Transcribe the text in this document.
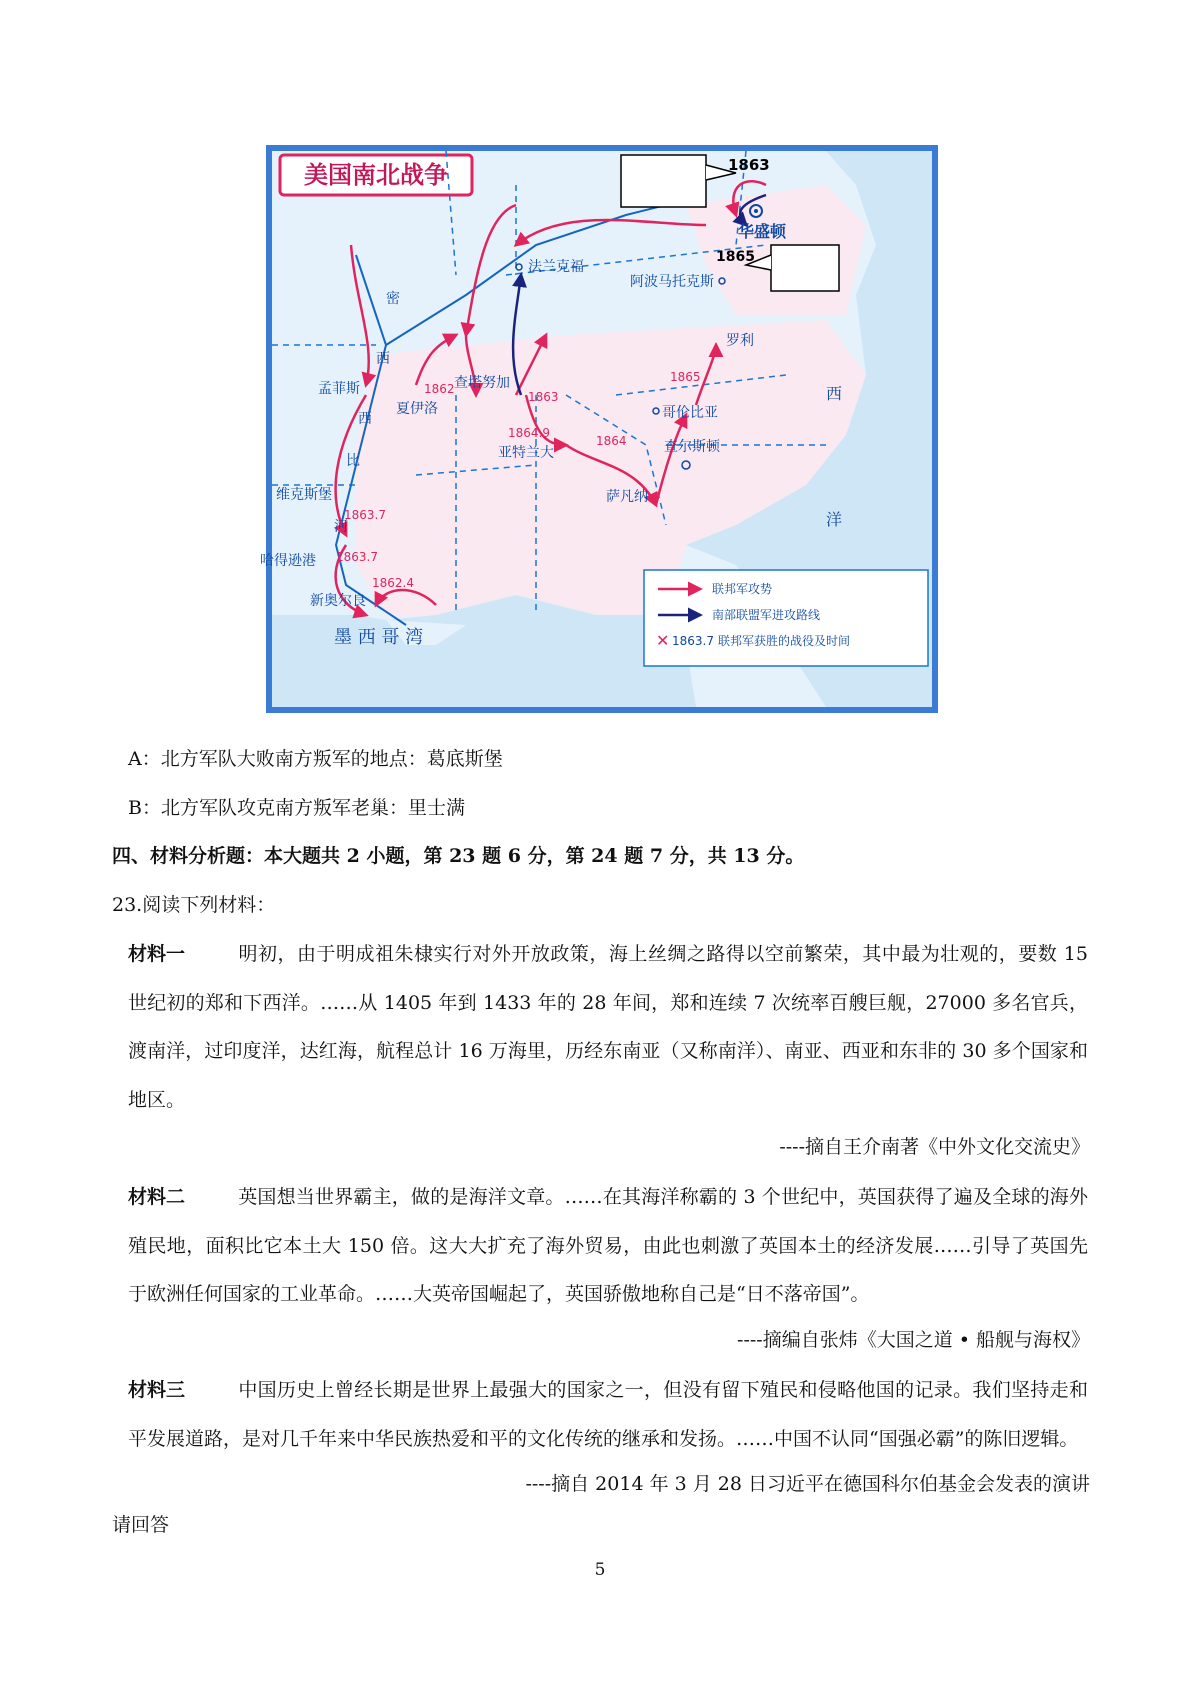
美国南北战争
华盛顿
1863
1865
阿波马托克斯
法兰克福
罗利
孟菲斯	1862
夏伊洛
查塔努加
1863
哥伦比亚
1864.9
亚特兰大
1864
1865
查尔斯顿
萨凡纳
维克斯堡
1863.7
哈得逊港 1863.7
1862.4
新奥尔良
密
西
西
比
河
西
洋
墨 西 哥 湾
联邦军攻势
南部联盟军进攻路线
✕ 1863.7 联邦军获胜的战役及时间
A：北方军队大败南方叛军的地点：葛底斯堡
B：北方军队攻克南方叛军老巢：里士满
四、材料分析题：本大题共 2 小题，第 23 题 6 分，第 24 题 7 分，共 13 分。
23.阅读下列材料：
材料一	明初，由于明成祖朱棣实行对外开放政策，海上丝绸之路得以空前繁荣，其中最为壮观的，要数 15 世纪初的郑和下西洋。……从 1405 年到 1433 年的 28 年间，郑和连续 7 次统率百艘巨舰，27000 多名官兵，渡南洋，过印度洋，达红海，航程总计 16 万海里，历经东南亚（又称南洋）、南亚、西亚和东非的 30 多个国家和地区。
----摘自王介南著《中外文化交流史》
材料二	英国想当世界霸主，做的是海洋文章。……在其海洋称霸的 3 个世纪中，英国获得了遍及全球的海外殖民地，面积比它本土大 150 倍。这大大扩充了海外贸易，由此也刺激了英国本土的经济发展……引导了英国先于欧洲任何国家的工业革命。……大英帝国崛起了，英国骄傲地称自己是“日不落帝国”。
----摘编自张炜《大国之道 • 船舰与海权》
材料三	中国历史上曾经长期是世界上最强大的国家之一，但没有留下殖民和侵略他国的记录。我们坚持走和平发展道路，是对几千年来中华民族热爱和平的文化传统的继承和发扬。……中国不认同“国强必霸”的陈旧逻辑。
----摘自 2014 年 3 月 28 日习近平在德国科尔伯基金会发表的演讲
请回答
5
